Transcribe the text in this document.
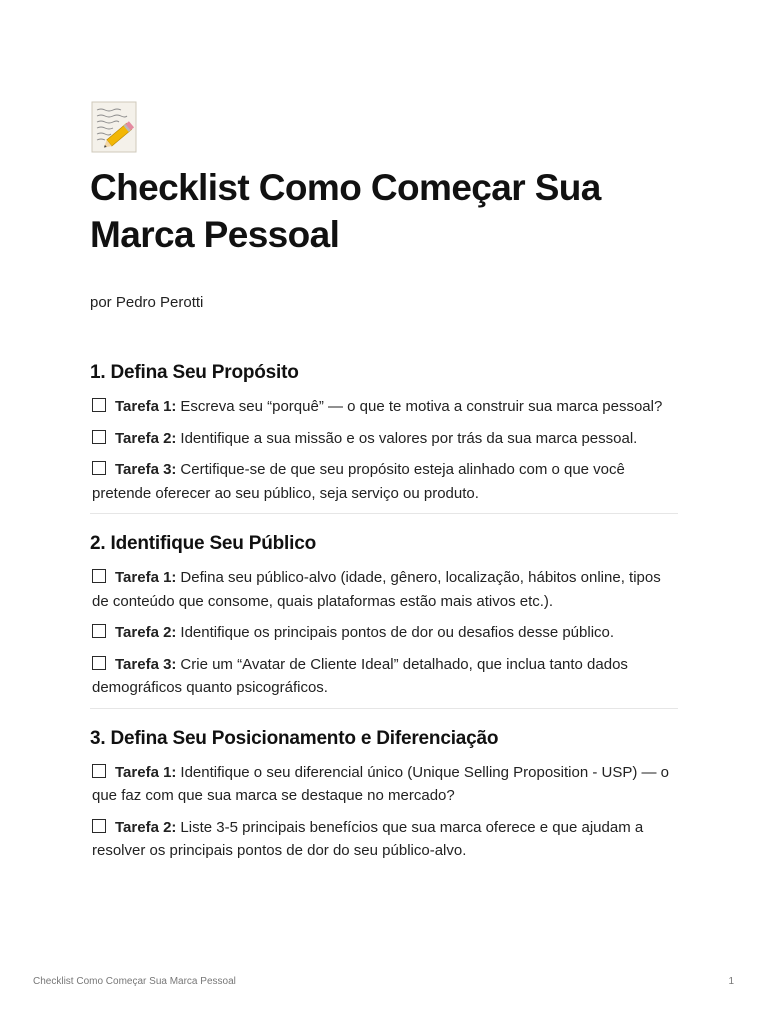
Checklist Como Começar Sua Marca Pessoal
por Pedro Perotti
1. Defina Seu Propósito
Tarefa 1: Escreva seu “porquê” — o que te motiva a construir sua marca pessoal?
Tarefa 2: Identifique a sua missão e os valores por trás da sua marca pessoal.
Tarefa 3: Certifique-se de que seu propósito esteja alinhado com o que você pretende oferecer ao seu público, seja serviço ou produto.
2. Identifique Seu Público
Tarefa 1: Defina seu público-alvo (idade, gênero, localização, hábitos online, tipos de conteúdo que consome, quais plataformas estão mais ativos etc.).
Tarefa 2: Identifique os principais pontos de dor ou desafios desse público.
Tarefa 3: Crie um “Avatar de Cliente Ideal” detalhado, que inclua tanto dados demográficos quanto psicográficos.
3. Defina Seu Posicionamento e Diferenciação
Tarefa 1: Identifique o seu diferencial único (Unique Selling Proposition - USP) — o que faz com que sua marca se destaque no mercado?
Tarefa 2: Liste 3-5 principais benefícios que sua marca oferece e que ajudam a resolver os principais pontos de dor do seu público-alvo.
Checklist Como Começar Sua Marca Pessoal	1
